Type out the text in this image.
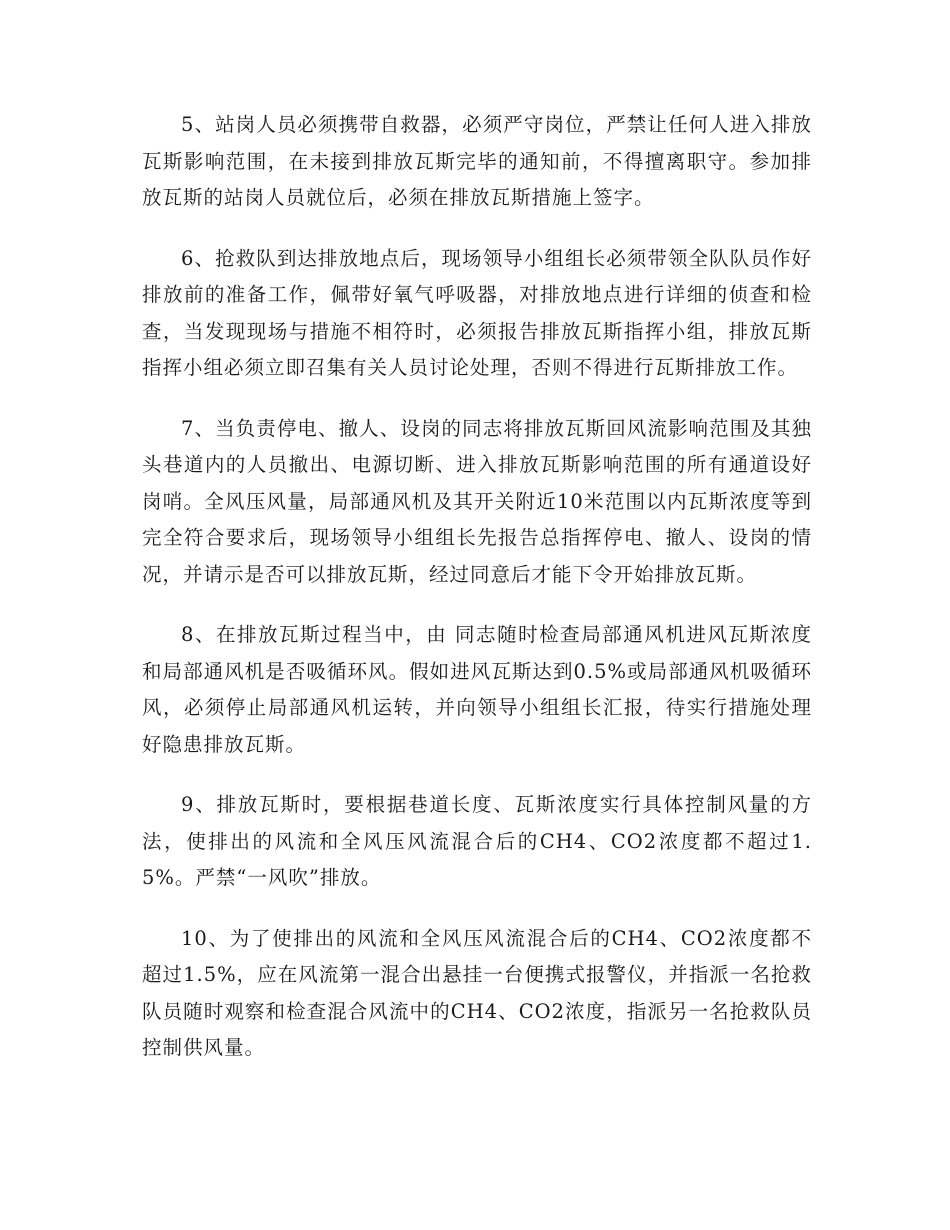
5、站岗人员必须携带自救器，必须严守岗位，严禁让任何人进入排放瓦斯影响范围，在未接到排放瓦斯完毕的通知前，不得擅离职守。参加排放瓦斯的站岗人员就位后，必须在排放瓦斯措施上签字。

6、抢救队到达排放地点后，现场领导小组组长必须带领全队队员作好排放前的准备工作，佩带好氧气呼吸器，对排放地点进行详细的侦查和检查，当发现现场与措施不相符时，必须报告排放瓦斯指挥小组，排放瓦斯指挥小组必须立即召集有关人员讨论处理，否则不得进行瓦斯排放工作。

7、当负责停电、撤人、设岗的同志将排放瓦斯回风流影响范围及其独头巷道内的人员撤出、电源切断、进入排放瓦斯影响范围的所有通道设好岗哨。全风压风量，局部通风机及其开关附近10米范围以内瓦斯浓度等到完全符合要求后，现场领导小组组长先报告总指挥停电、撤人、设岗的情况，并请示是否可以排放瓦斯，经过同意后才能下令开始排放瓦斯。

8、在排放瓦斯过程当中，由 同志随时检查局部通风机进风瓦斯浓度和局部通风机是否吸循环风。假如进风瓦斯达到0.5%或局部通风机吸循环风，必须停止局部通风机运转，并向领导小组组长汇报，待实行措施处理好隐患排放瓦斯。

9、排放瓦斯时，要根据巷道长度、瓦斯浓度实行具体控制风量的方法，使排出的风流和全风压风流混合后的CH4、CO2浓度都不超过1.5%。严禁“一风吹”排放。

10、为了使排出的风流和全风压风流混合后的CH4、CO2浓度都不超过1.5%，应在风流第一混合出悬挂一台便携式报警仪，并指派一名抢救队员随时观察和检查混合风流中的CH4、CO2浓度，指派另一名抢救队员控制供风量。
